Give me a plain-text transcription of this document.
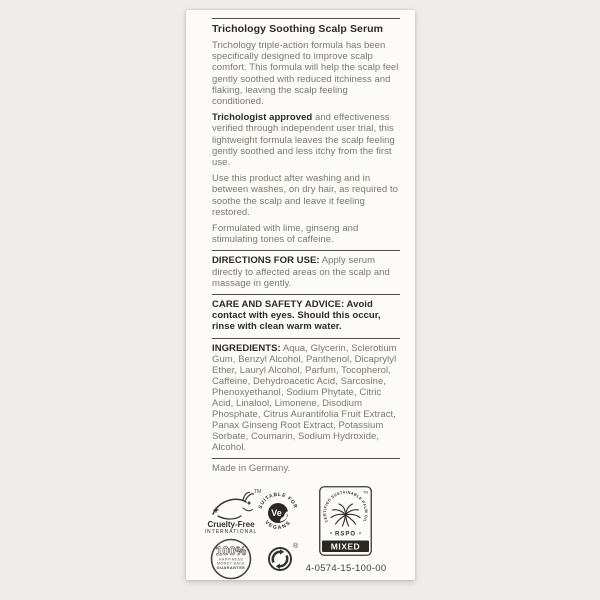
Trichology Soothing Scalp Serum

Trichology triple-action formula has been specifically designed to improve scalp comfort. This formula will help the scalp feel gently soothed with reduced itchiness and flaking, leaving the scalp feeling conditioned.

Trichologist approved and effectiveness verified through independent user trial, this lightweight formula leaves the scalp feeling gently soothed and less itchy from the first use.

Use this product after washing and in between washes, on dry hair, as required to soothe the scalp and leave it feeling restored.

Formulated with lime, ginseng and stimulating tones of caffeine.

DIRECTIONS FOR USE: Apply serum directly to affected areas on the scalp and massage in gently.

CARE AND SAFETY ADVICE: Avoid contact with eyes. Should this occur, rinse with clean warm water.

INGREDIENTS: Aqua, Glycerin, Sclerotium Gum, Benzyl Alcohol, Panthenol, Dicaprylyl Ether, Lauryl Alcohol, Parfum, Tocopherol, Caffeine, Dehydroacetic Acid, Sarcosine, Phenoxyethanol, Sodium Phytate, Citric Acid, Linalool, Limonene, Disodium Phosphate, Citrus Aurantifolia Fruit Extract, Panax Ginseng Root Extract, Potassium Sorbate, Coumarin, Sodium Hydroxide, Alcohol.

Made in Germany.

TM
Cruelty-Free
INTERNATIONAL
SUITABLE FOR
VEGANS
Ve
CERTIFIED SUSTAINABLE PALM OIL
TM
RSPO
MIXED
4-0574-15-100-00
100%
HAPPINESS
MONEY BACK
GUARANTEE
®
